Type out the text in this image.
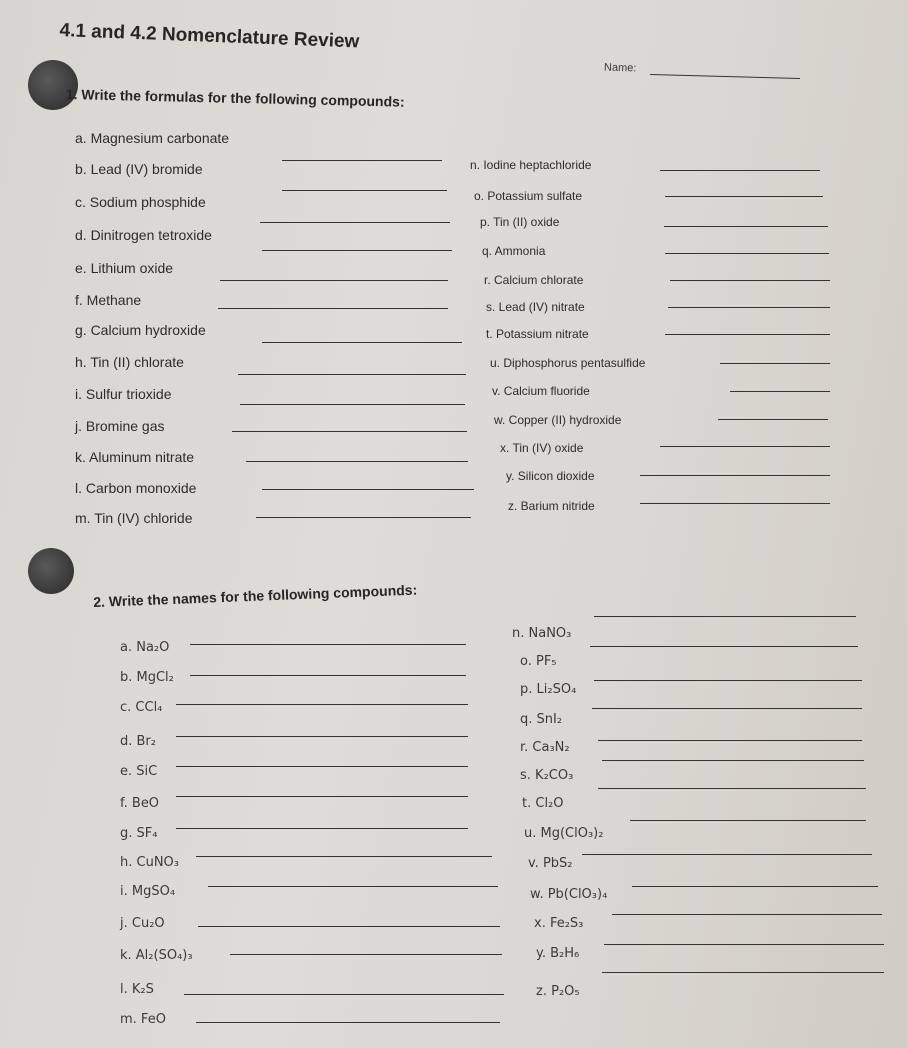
4.1 and 4.2 Nomenclature Review
Name:
1. Write the formulas for the following compounds:
a. Magnesium carbonate
b. Lead (IV) bromide
c. Sodium phosphide
d. Dinitrogen tetroxide
e. Lithium oxide
f. Methane
g. Calcium hydroxide
h. Tin (II) chlorate
i. Sulfur trioxide
j. Bromine gas
k. Aluminum nitrate
l. Carbon monoxide
m. Tin (IV) chloride
n. Iodine heptachloride
o. Potassium sulfate
p. Tin (II) oxide
q. Ammonia
r. Calcium chlorate
s. Lead (IV) nitrate
t. Potassium nitrate
u. Diphosphorus pentasulfide
v. Calcium fluoride
w. Copper (II) hydroxide
x. Tin (IV) oxide
y. Silicon dioxide
z. Barium nitride
2. Write the names for the following compounds:
a. Na₂O
b. MgCl₂
c. CCl₄
d. Br₂
e. SiC
f. BeO
g. SF₄
h. CuNO₃
i. MgSO₄
j. Cu₂O
k. Al₂(SO₄)₃
l. K₂S
m. FeO
n. NaNO₃
o. PF₅
p. Li₂SO₄
q. SnI₂
r. Ca₃N₂
s. K₂CO₃
t. Cl₂O
u. Mg(ClO₃)₂
v. PbS₂
w. Pb(ClO₃)₄
x. Fe₂S₃
y. B₂H₆
z. P₂O₅
